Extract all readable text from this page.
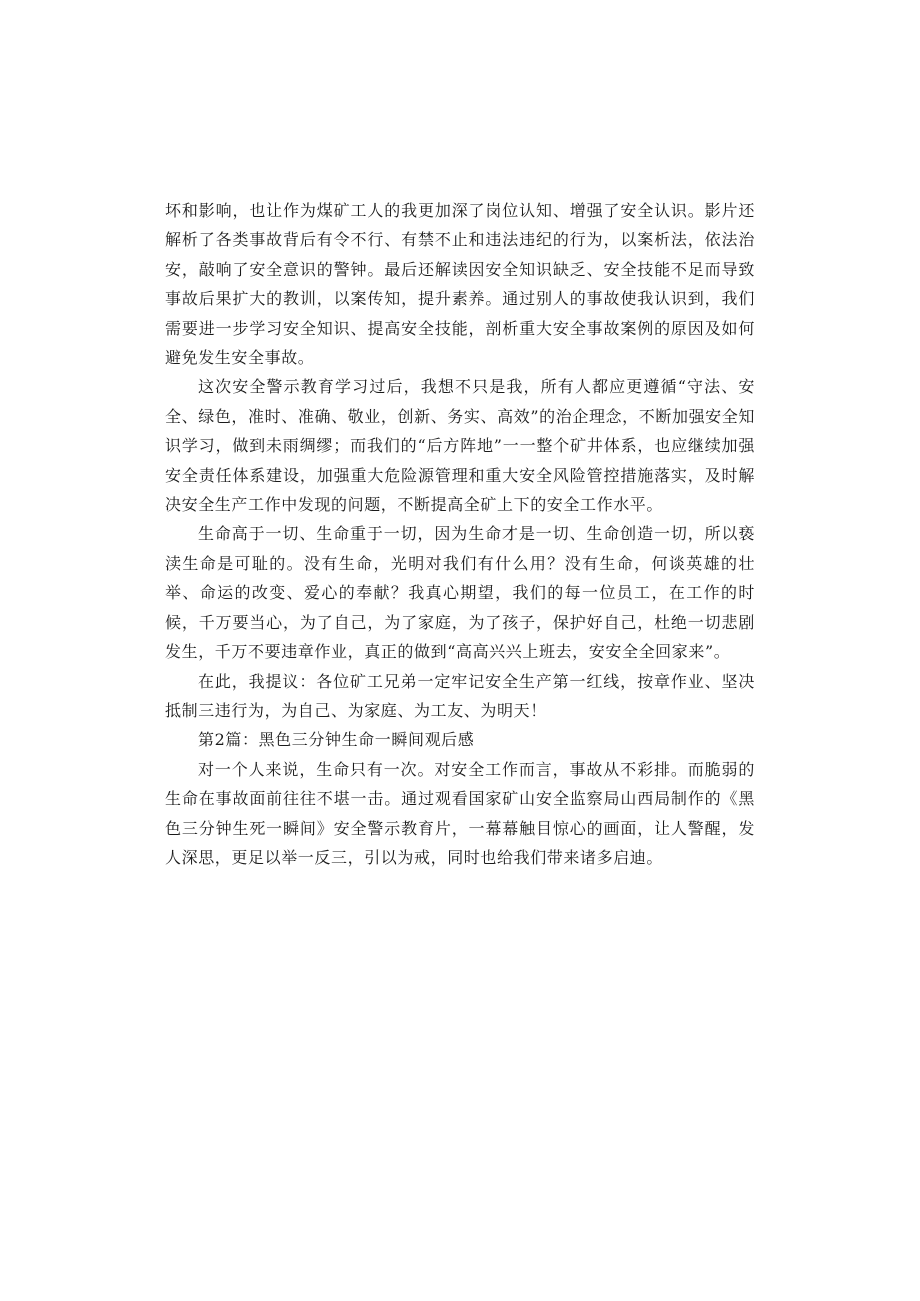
坏和影响，也让作为煤矿工人的我更加深了岗位认知、增强了安全认识。影片还解析了各类事故背后有令不行、有禁不止和违法违纪的行为，以案析法，依法治安，敲响了安全意识的警钟。最后还解读因安全知识缺乏、安全技能不足而导致事故后果扩大的教训，以案传知，提升素养。通过别人的事故使我认识到，我们需要进一步学习安全知识、提高安全技能，剖析重大安全事故案例的原因及如何避免发生安全事故。

这次安全警示教育学习过后，我想不只是我，所有人都应更遵循“守法、安全、绿色，准时、准确、敬业，创新、务实、高效”的治企理念，不断加强安全知识学习，做到未雨绸缪；而我们的“后方阵地”一一整个矿井体系，也应继续加强安全责任体系建设，加强重大危险源管理和重大安全风险管控措施落实，及时解决安全生产工作中发现的问题，不断提高全矿上下的安全工作水平。

生命高于一切、生命重于一切，因为生命才是一切、生命创造一切，所以亵渎生命是可耻的。没有生命，光明对我们有什么用？没有生命，何谈英雄的壮举、命运的改变、爱心的奉献？我真心期望，我们的每一位员工，在工作的时候，千万要当心，为了自己，为了家庭，为了孩子，保护好自己，杜绝一切悲剧发生，千万不要违章作业，真正的做到“高高兴兴上班去，安安全全回家来”。

在此，我提议：各位矿工兄弟一定牢记安全生产第一红线，按章作业、坚决抵制三违行为，为自己、为家庭、为工友、为明天！

第2篇：黑色三分钟生命一瞬间观后感

对一个人来说，生命只有一次。对安全工作而言，事故从不彩排。而脆弱的生命在事故面前往往不堪一击。通过观看国家矿山安全监察局山西局制作的《黑色三分钟生死一瞬间》安全警示教育片，一幕幕触目惊心的画面，让人警醒，发人深思，更足以举一反三，引以为戒，同时也给我们带来诸多启迪。
